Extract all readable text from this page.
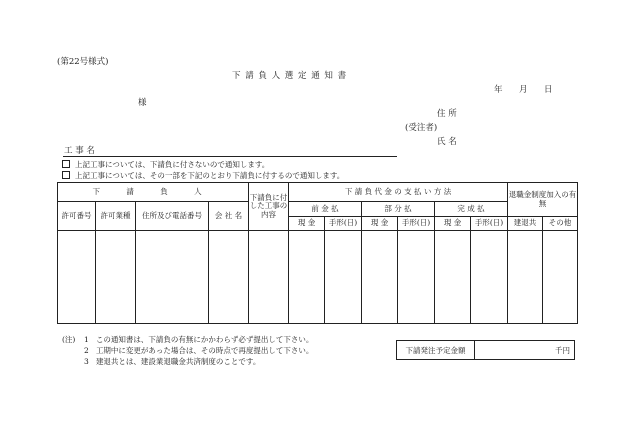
(第22号様式)
下 請 負 人 選 定 通 知 書
年 月 日
様
住 所
(受注者)
氏 名
工 事 名
上記工事については、下請負に付さないので通知します。
上記工事については、その一部を下記のとおり下請負に付するので通知します。
下 請 負 人				下請負に付した工事の内容	下 請 負 代 金 の 支 払 い 方 法						退職金制度加入の有無	
許可番号	許可業種	住所及び電話番号	会 社 名		前 金 払		部 分 払		完 成 払			
					現 金	手形(日)	現 金	手形(日)	現 金	手形(日)	建退共	その他

(注) 1 この通知書は、下請負の有無にかかわらず必ず提出して下さい。
2 工期中に変更があった場合は、その時点で再度提出して下さい。
3 建退共とは、建設業退職金共済制度のことです。
下請発注予定金額	千円
